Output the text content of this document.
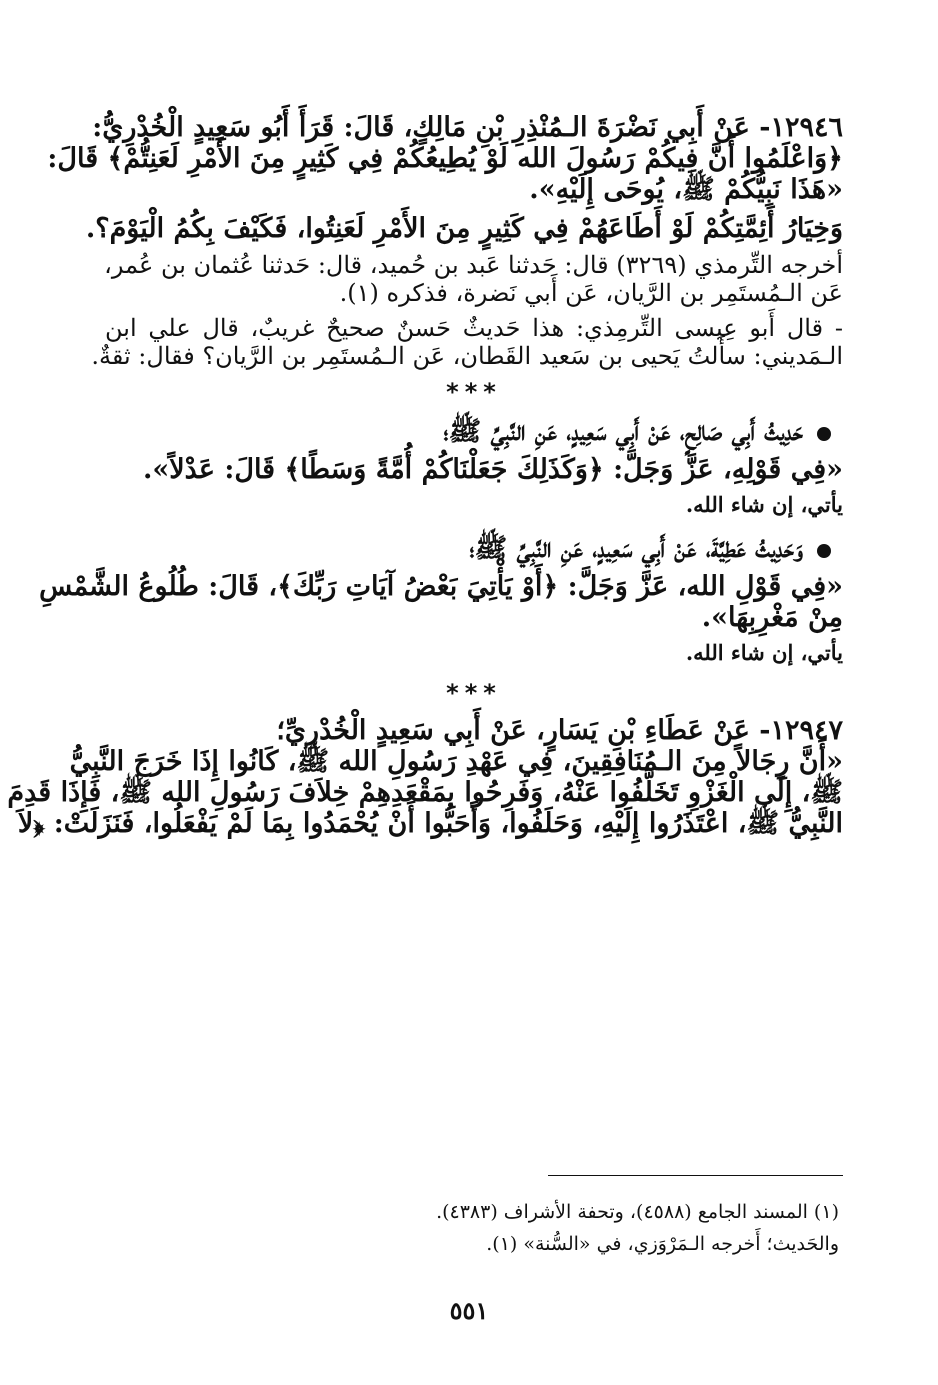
١٢٩٤٦- عَنْ أَبِي نَضْرَةَ الـمُنْذِرِ بْنِ مَالِكٍ، قَالَ: قَرَأَ أَبُو سَعِيدٍ الْخُدْرِيُّ:
﴿وَاعْلَمُوا أَنَّ فِيكُمْ رَسُولَ الله لَوْ يُطِيعُكُمْ فِي كَثِيرٍ مِنَ الأَمْرِ لَعَنِتُّمْ﴾ قَالَ:
«هَذَا نَبِيُّكُمْ ﷺ، يُوحَى إِلَيْهِ».
وَخِيَارُ أَئِمَّتِكُمْ لَوْ أَطَاعَهُمْ فِي كَثِيرٍ مِنَ الأَمْرِ لَعَنِتُوا، فَكَيْفَ بِكُمُ الْيَوْمَ؟.
أخرجه التِّرمذي (٣٢٦٩) قال: حَدثنا عَبد بن حُميد، قال: حَدثنا عُثمان بن عُمر،
عَن الـمُستَمِر بن الرَّيان، عَن أَبي نَضرة، فذكره (١).
- قال أَبو عِيسى التِّرمِذي: هذا حَديثٌ حَسنٌ صحيحٌ غريبٌ، قال علي ابن
الـمَديني: سأَلتُ يَحيى بن سَعيد القَطان، عَن الـمُستَمِر بن الرَّيان؟ فقال: ثقةٌ.
***
حَدِيثُ أَبِي صَالِحٍ، عَنْ أَبِي سَعِيدٍ، عَنِ النَّبِيِّ ﷺ؛
«فِي قَوْلِهِ، عَزَّ وَجَلَّ: ﴿وَكَذَلِكَ جَعَلْنَاكُمْ أُمَّةً وَسَطًا﴾ قَالَ: عَدْلاً».
يأتي، إن شاء الله.
وَحَدِيثُ عَطِيَّةَ، عَنْ أَبِي سَعِيدٍ، عَنِ النَّبِيِّ ﷺ؛
«فِي قَوْلِ الله، عَزَّ وَجَلَّ: ﴿أَوْ يَأْتِيَ بَعْضُ آيَاتِ رَبِّكَ﴾، قَالَ: طُلُوعُ الشَّمْسِ
مِنْ مَغْرِبِهَا».
يأتي، إن شاء الله.
***
١٢٩٤٧- عَنْ عَطَاءِ بْنِ يَسَارٍ، عَنْ أَبِي سَعِيدٍ الْخُدْرِيِّ؛
«أَنَّ رِجَالاً مِنَ الـمُنَافِقِينَ، فِي عَهْدِ رَسُولِ الله ﷺ، كَانُوا إِذَا خَرَجَ النَّبِيُّ
ﷺ، إِلَى الْغَزْوِ تَخَلَّفُوا عَنْهُ، وَفَرِحُوا بِمَقْعَدِهِمْ خِلاَفَ رَسُولِ الله ﷺ، فَإِذَا قَدِمَ
النَّبِيُّ ﷺ، اعْتَذَرُوا إِلَيْهِ، وَحَلَفُوا، وَأَحَبُّوا أَنْ يُحْمَدُوا بِمَا لَمْ يَفْعَلُوا، فَنَزَلَتْ: ﴿لاَ
(١) المسند الجامع (٤٥٨٨)، وتحفة الأشراف (٤٣٨٣).
والحَديث؛ أَخرجه الـمَرْوَزي، في «السُّنة» (١).
٥٥١
